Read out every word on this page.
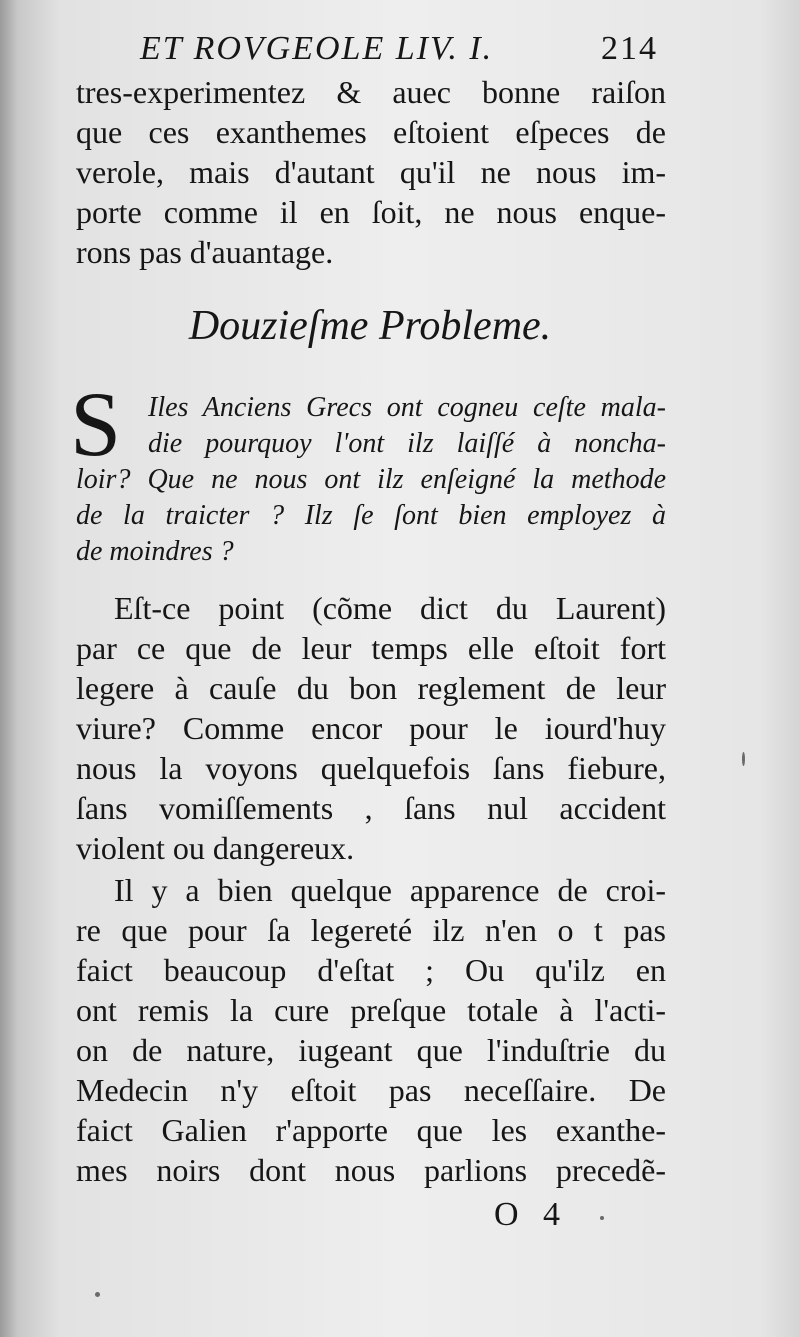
ET ROVGEOLE LIV. I.	214
tres-experimentez & auec bonne raiſon
que ces exanthemes eſtoient eſpeces de
verole, mais d'autant qu'il ne nous im-
porte comme il en ſoit, ne nous enque-
rons pas d'auantage.
Douzieſme Probleme.
S Iles Anciens Grecs ont cogneu ceſte mala-
die pourquoy l'ont ilz laiſſé à noncha-
loir? Que ne nous ont ilz enſeigné la methode
de la traicter ? Ilz ſe ſont bien employez à
de moindres ?
Eſt-ce point (cõme dict du Laurent)
par ce que de leur temps elle eſtoit fort
legere à cauſe du bon reglement de leur
viure? Comme encor pour le iourd'huy
nous la voyons quelquefois ſans fiebure,
ſans vomiſſements , ſans nul accident
violent ou dangereux.
Il y a bien quelque apparence de croi-
re que pour ſa legereté ilz n'en o t pas
faict beaucoup d'eſtat ; Ou qu'ilz en
ont remis la cure preſque totale à l'acti-
on de nature, iugeant que l'induſtrie du
Medecin n'y eſtoit pas neceſſaire. De
faict Galien r'apporte que les exanthe-
mes noirs dont nous parlions precedẽ-
O 4
